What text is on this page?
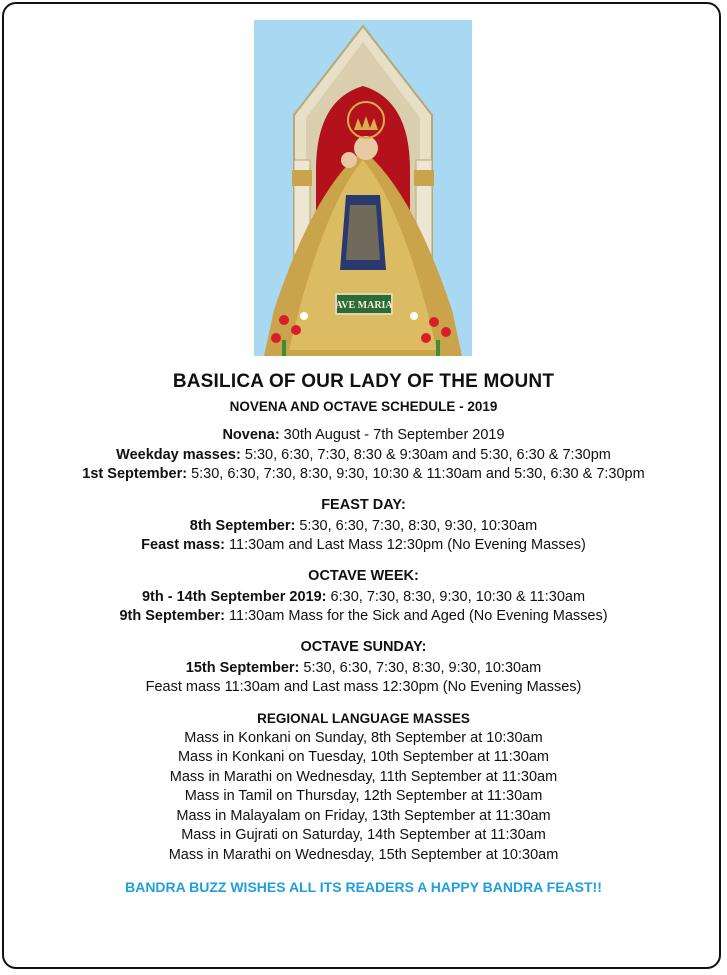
AVE MARIA

BASILICA OF OUR LADY OF THE MOUNT

NOVENA AND OCTAVE SCHEDULE - 2019

Novena: 30th August - 7th September 2019

Weekday masses: 5:30, 6:30, 7:30, 8:30 & 9:30am and 5:30, 6:30 & 7:30pm

1st September: 5:30, 6:30, 7:30, 8:30, 9:30, 10:30 & 11:30am and 5:30, 6:30 & 7:30pm

FEAST DAY:

8th September: 5:30, 6:30, 7:30, 8:30, 9:30, 10:30am

Feast mass: 11:30am and Last Mass 12:30pm (No Evening Masses)

OCTAVE WEEK:

9th - 14th September 2019: 6:30, 7:30, 8:30, 9:30, 10:30 & 11:30am

9th September: 11:30am Mass for the Sick and Aged (No Evening Masses)

OCTAVE SUNDAY:

15th September: 5:30, 6:30, 7:30, 8:30, 9:30, 10:30am

Feast mass 11:30am and Last mass 12:30pm (No Evening Masses)

REGIONAL LANGUAGE MASSES

Mass in Konkani on Sunday, 8th September at 10:30am

Mass in Konkani on Tuesday, 10th September at 11:30am

Mass in Marathi on Wednesday, 11th September at 11:30am

Mass in Tamil on Thursday, 12th September at 11:30am

Mass in Malayalam on Friday, 13th September at 11:30am

Mass in Gujrati on Saturday, 14th September at 11:30am

Mass in Marathi on Wednesday, 15th September at 10:30am

BANDRA BUZZ WISHES ALL ITS READERS A HAPPY BANDRA FEAST!!
